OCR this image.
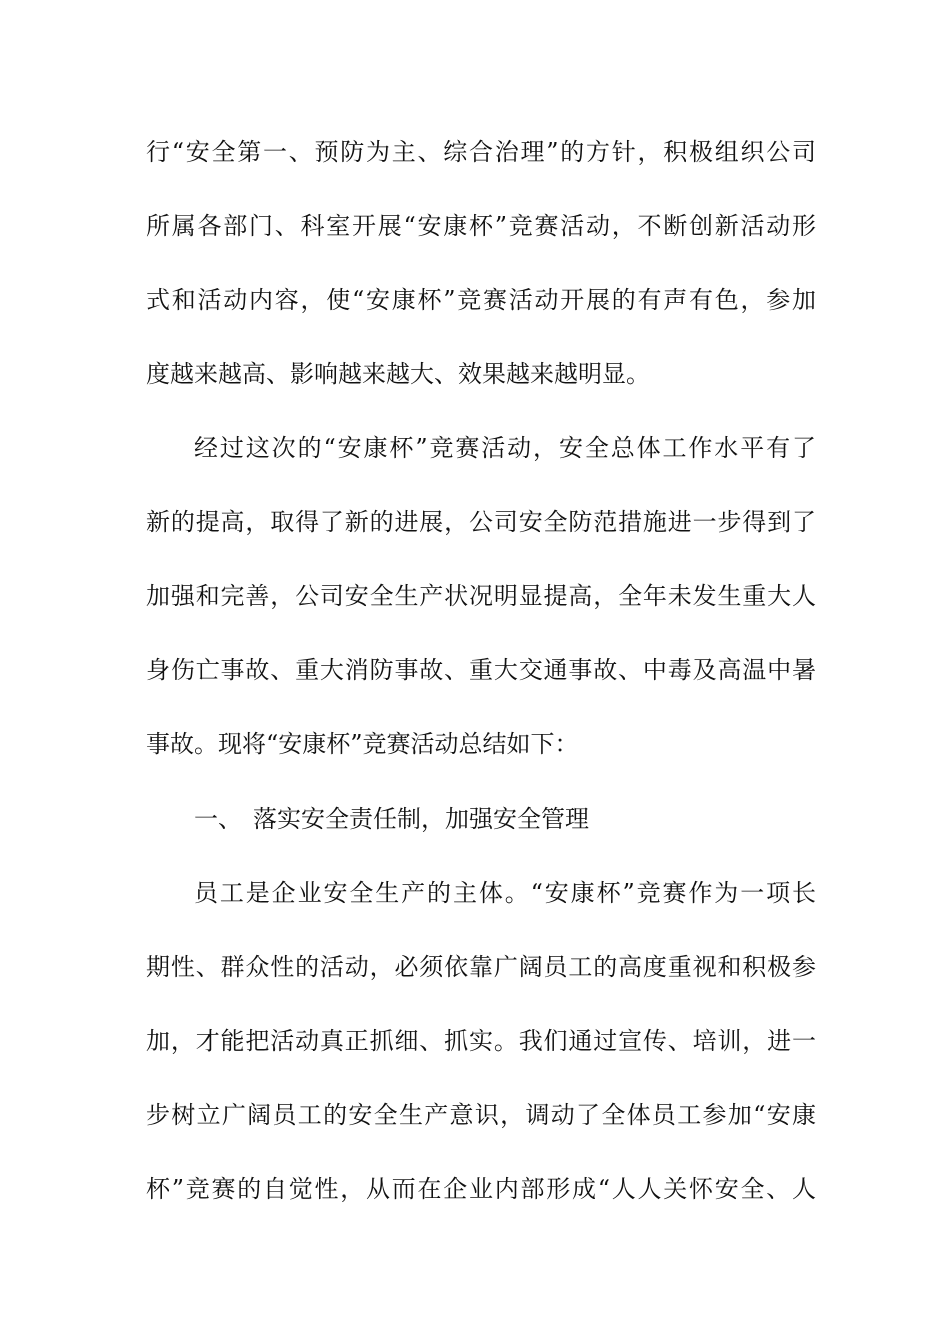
行“安全第一、预防为主、综合治理”的方针，积极组织公司
所属各部门、科室开展“安康杯”竞赛活动，不断创新活动形
式和活动内容，使“安康杯”竞赛活动开展的有声有色，参加
度越来越高、影响越来越大、效果越来越明显。
经过这次的“安康杯”竞赛活动，安全总体工作水平有了
新的提高，取得了新的进展，公司安全防范措施进一步得到了
加强和完善，公司安全生产状况明显提高，全年未发生重大人
身伤亡事故、重大消防事故、重大交通事故、中毒及高温中暑
事故。现将“安康杯”竞赛活动总结如下：
一、 落实安全责任制，加强安全管理
员工是企业安全生产的主体。“安康杯”竞赛作为一项长
期性、群众性的活动，必须依靠广阔员工的高度重视和积极参
加，才能把活动真正抓细、抓实。我们通过宣传、培训，进一
步树立广阔员工的安全生产意识，调动了全体员工参加“安康
杯”竞赛的自觉性，从而在企业内部形成“人人关怀安全、人
